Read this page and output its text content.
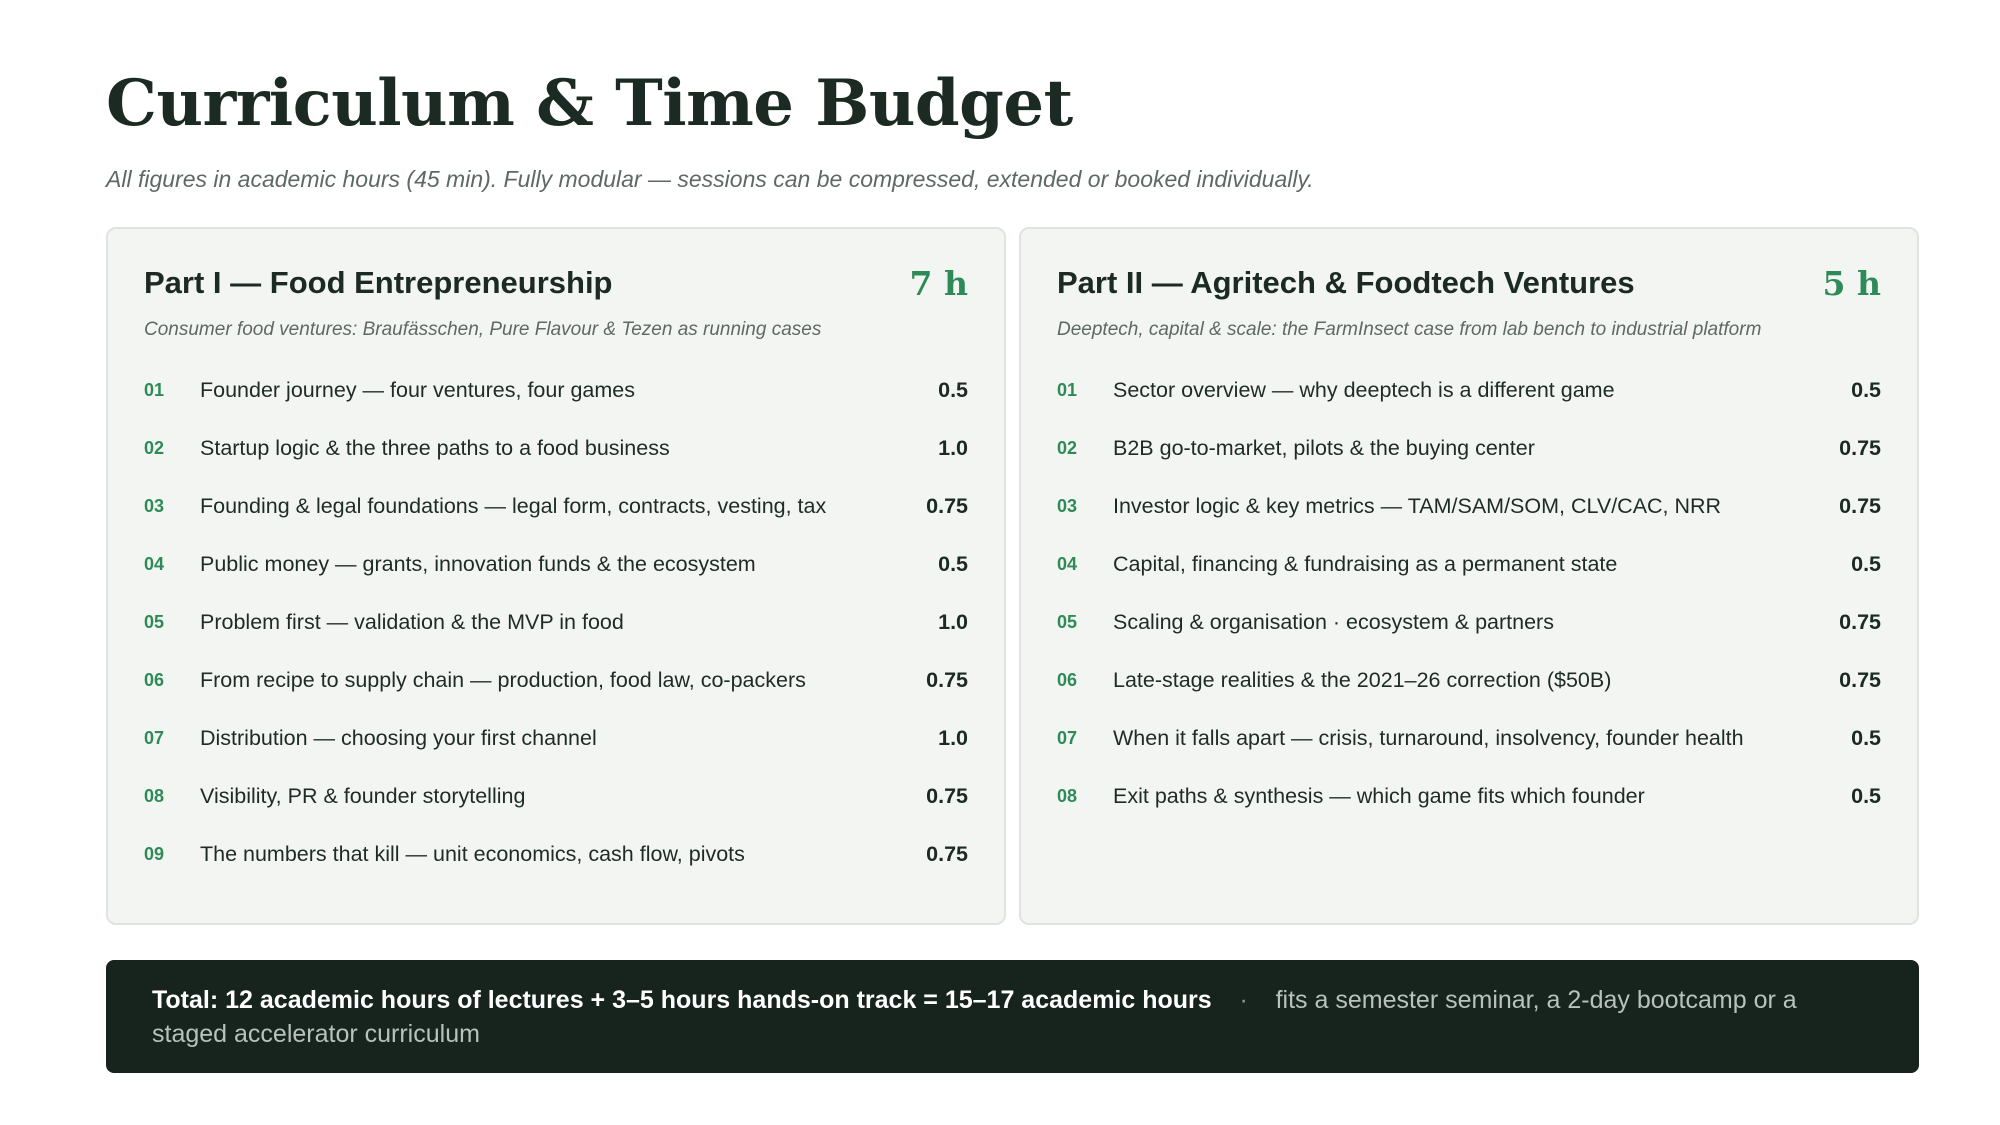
Curriculum & Time Budget

All figures in academic hours (45 min). Fully modular — sessions can be compressed, extended or booked individually.

Part I — Food Entrepreneurship	7 h

Consumer food ventures: Braufässchen, Pure Flavour & Tezen as running cases

01	Founder journey — four ventures, four games	0.5
02	Startup logic & the three paths to a food business	1.0
03	Founding & legal foundations — legal form, contracts, vesting, tax	0.75
04	Public money — grants, innovation funds & the ecosystem	0.5
05	Problem first — validation & the MVP in food	1.0
06	From recipe to supply chain — production, food law, co-packers	0.75
07	Distribution — choosing your first channel	1.0
08	Visibility, PR & founder storytelling	0.75
09	The numbers that kill — unit economics, cash flow, pivots	0.75
Part II — Agritech & Foodtech Ventures	5 h

Deeptech, capital & scale: the FarmInsect case from lab bench to industrial platform

01	Sector overview — why deeptech is a different game	0.5
02	B2B go-to-market, pilots & the buying center	0.75
03	Investor logic & key metrics — TAM/SAM/SOM, CLV/CAC, NRR	0.75
04	Capital, financing & fundraising as a permanent state	0.5
05	Scaling & organisation · ecosystem & partners	0.75
06	Late-stage realities & the 2021–26 correction ($50B)	0.75
07	When it falls apart — crisis, turnaround, insolvency, founder health	0.5
08	Exit paths & synthesis — which game fits which founder	0.5
Total: 12 academic hours of lectures + 3–5 hours hands-on track = 15–17 academic hours · fits a semester seminar, a 2-day bootcamp or a staged accelerator curriculum
